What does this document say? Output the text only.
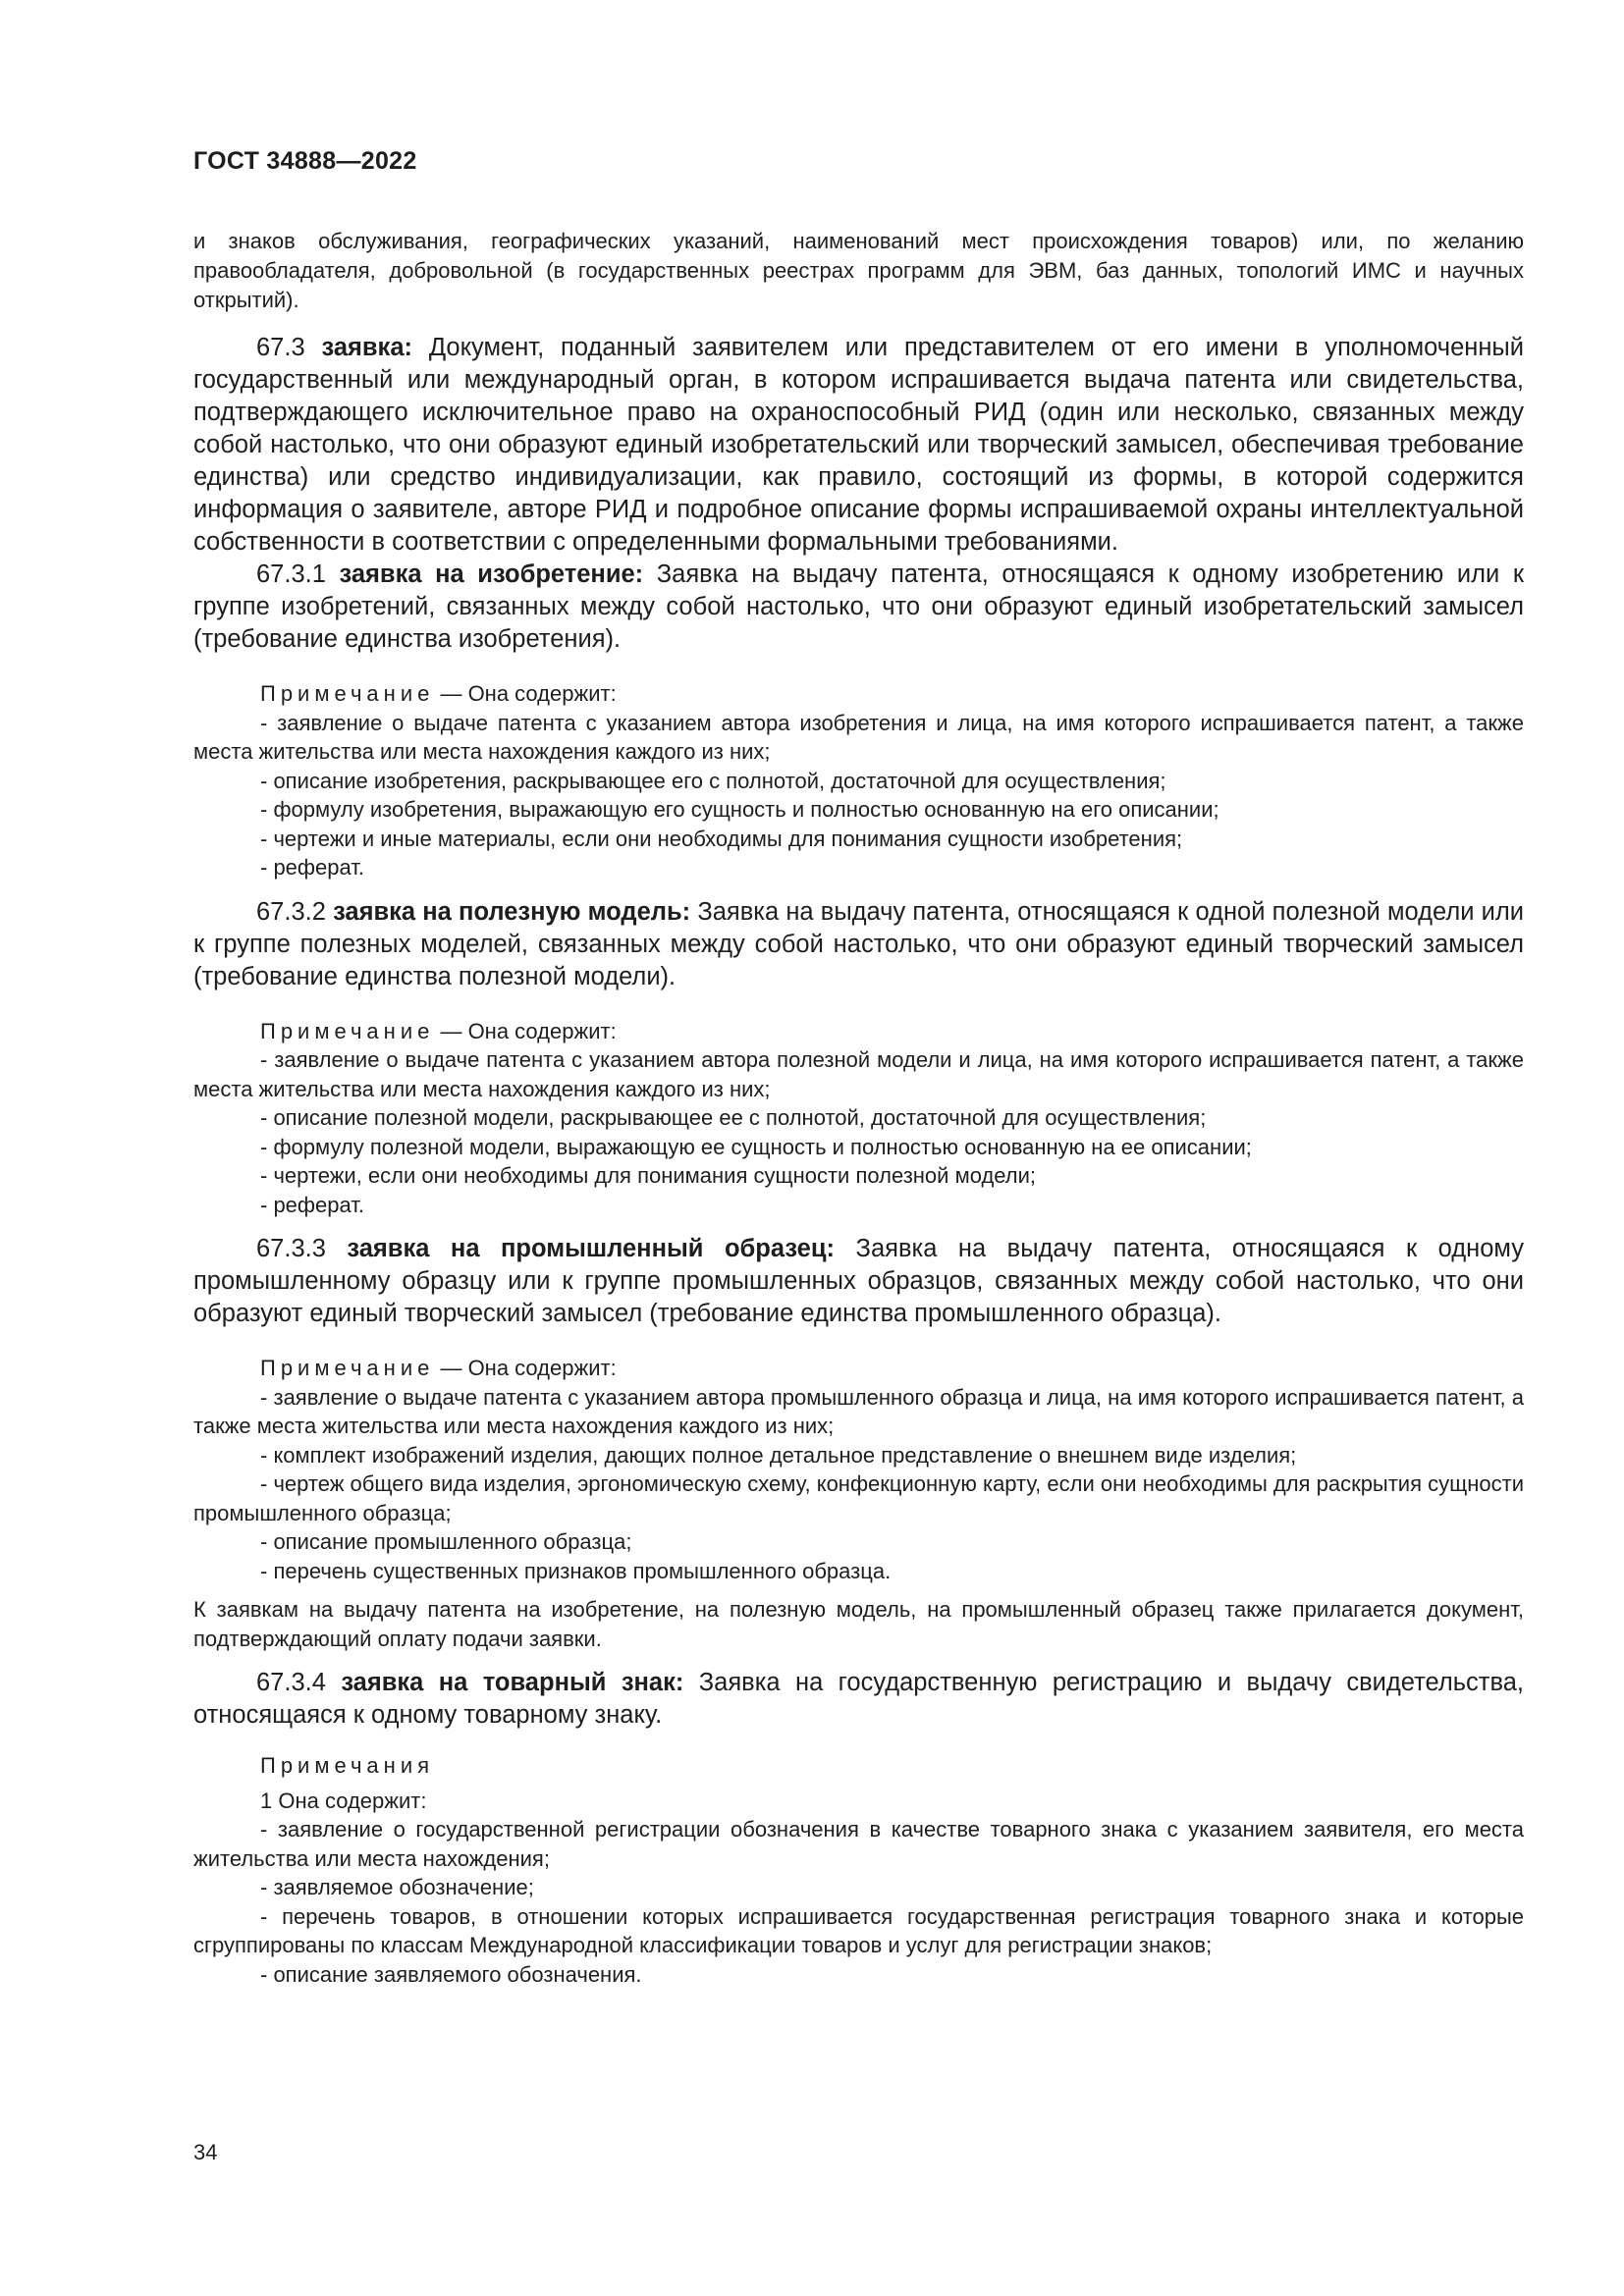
ГОСТ 34888—2022

и знаков обслуживания, географических указаний, наименований мест происхождения товаров) или, по желанию правообладателя, добровольной (в государственных реестрах программ для ЭВМ, баз данных, топологий ИМС и научных открытий).

67.3 заявка: Документ, поданный заявителем или представителем от его имени в уполномоченный государственный или международный орган, в котором испрашивается выдача патента или свидетельства, подтверждающего исключительное право на охраноспособный РИД (один или несколько, связанных между собой настолько, что они образуют единый изобретательский или творческий замысел, обеспечивая требование единства) или средство индивидуализации, как правило, состоящий из формы, в которой содержится информация о заявителе, авторе РИД и подробное описание формы испрашиваемой охраны интеллектуальной собственности в соответствии с определенными формальными требованиями.

67.3.1 заявка на изобретение: Заявка на выдачу патента, относящаяся к одному изобретению или к группе изобретений, связанных между собой настолько, что они образуют единый изобретательский замысел (требование единства изобретения).

Примечание — Она содержит:

- заявление о выдаче патента с указанием автора изобретения и лица, на имя которого испрашивается патент, а также места жительства или места нахождения каждого из них;

- описание изобретения, раскрывающее его с полнотой, достаточной для осуществления;

- формулу изобретения, выражающую его сущность и полностью основанную на его описании;

- чертежи и иные материалы, если они необходимы для понимания сущности изобретения;

- реферат.

67.3.2 заявка на полезную модель: Заявка на выдачу патента, относящаяся к одной полезной модели или к группе полезных моделей, связанных между собой настолько, что они образуют единый творческий замысел (требование единства полезной модели).

Примечание — Она содержит:

- заявление о выдаче патента с указанием автора полезной модели и лица, на имя которого испрашивается патент, а также места жительства или места нахождения каждого из них;

- описание полезной модели, раскрывающее ее с полнотой, достаточной для осуществления;

- формулу полезной модели, выражающую ее сущность и полностью основанную на ее описании;

- чертежи, если они необходимы для понимания сущности полезной модели;

- реферат.

67.3.3 заявка на промышленный образец: Заявка на выдачу патента, относящаяся к одному промышленному образцу или к группе промышленных образцов, связанных между собой настолько, что они образуют единый творческий замысел (требование единства промышленного образца).

Примечание — Она содержит:

- заявление о выдаче патента с указанием автора промышленного образца и лица, на имя которого испрашивается патент, а также места жительства или места нахождения каждого из них;

- комплект изображений изделия, дающих полное детальное представление о внешнем виде изделия;

- чертеж общего вида изделия, эргономическую схему, конфекционную карту, если они необходимы для раскрытия сущности промышленного образца;

- описание промышленного образца;

- перечень существенных признаков промышленного образца.

К заявкам на выдачу патента на изобретение, на полезную модель, на промышленный образец также прилагается документ, подтверждающий оплату подачи заявки.

67.3.4 заявка на товарный знак: Заявка на государственную регистрацию и выдачу свидетельства, относящаяся к одному товарному знаку.

Примечания

1 Она содержит:

- заявление о государственной регистрации обозначения в качестве товарного знака с указанием заявителя, его места жительства или места нахождения;

- заявляемое обозначение;

- перечень товаров, в отношении которых испрашивается государственная регистрация товарного знака и которые сгруппированы по классам Международной классификации товаров и услуг для регистрации знаков;

- описание заявляемого обозначения.

34
